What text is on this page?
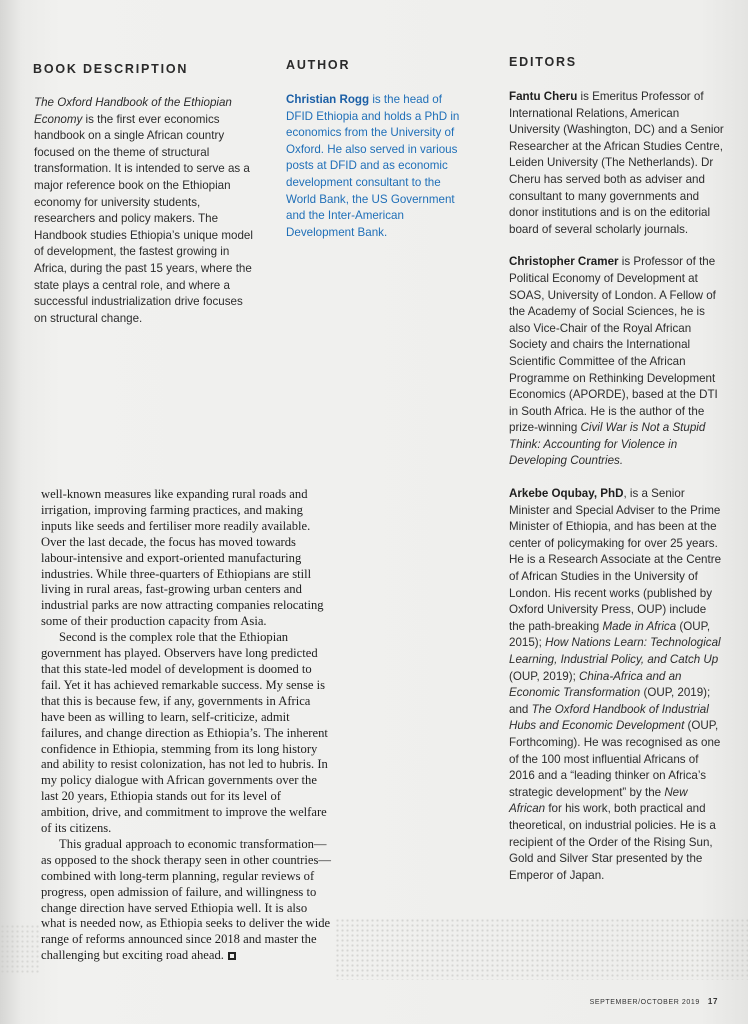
BOOK DESCRIPTION	AUTHOR	EDITORS

The Oxford Handbook of the Ethiopian Economy is the first ever economics handbook on a single African country focused on the theme of structural transformation. It is intended to serve as a major reference book on the Ethiopian economy for university students, researchers and policy makers. The Handbook studies Ethiopia’s unique model of development, the fastest growing in Africa, during the past 15 years, where the state plays a central role, and where a successful industrialization drive focuses on structural change.

Christian Rogg is the head of DFID Ethiopia and holds a PhD in economics from the University of Oxford. He also served in various posts at DFID and as economic development consultant to the World Bank, the US Government and the Inter-American Development Bank.

Fantu Cheru is Emeritus Professor of International Relations, American University (Washington, DC) and a Senior Researcher at the African Studies Centre, Leiden University (The Netherlands). Dr Cheru has served both as adviser and consultant to many governments and donor institutions and is on the editorial board of several scholarly journals.

Christopher Cramer is Professor of the Political Economy of Development at SOAS, University of London. A Fellow of the Academy of Social Sciences, he is also Vice-Chair of the Royal African Society and chairs the International Scientific Committee of the African Programme on Rethinking Development Economics (APORDE), based at the DTI in South Africa. He is the author of the prize-winning Civil War is Not a Stupid Think: Accounting for Violence in Developing Countries.

Arkebe Oqubay, PhD, is a Senior Minister and Special Adviser to the Prime Minister of Ethiopia, and has been at the center of policymaking for over 25 years. He is a Research Associate at the Centre of African Studies in the University of London. His recent works (published by Oxford University Press, OUP) include the path-breaking Made in Africa (OUP, 2015); How Nations Learn: Technological Learning, Industrial Policy, and Catch Up (OUP, 2019); China-Africa and an Economic Transformation (OUP, 2019); and The Oxford Handbook of Industrial Hubs and Economic Development (OUP, Forthcoming). He was recognised as one of the 100 most influential Africans of 2016 and a “leading thinker on Africa’s strategic development” by the New African for his work, both practical and theoretical, on industrial policies. He is a recipient of the Order of the Rising Sun, Gold and Silver Star presented by the Emperor of Japan.

well-known measures like expanding rural roads and irrigation, improving farming practices, and making inputs like seeds and fertiliser more readily available. Over the last decade, the focus has moved towards labour-intensive and export-oriented manufacturing industries. While three-quarters of Ethiopians are still living in rural areas, fast-growing urban centers and industrial parks are now attracting companies relocating some of their production capacity from Asia.

Second is the complex role that the Ethiopian government has played. Observers have long predicted that this state-led model of development is doomed to fail. Yet it has achieved remarkable success. My sense is that this is because few, if any, governments in Africa have been as willing to learn, self-criticize, admit failures, and change direction as Ethiopia’s. The inherent confidence in Ethiopia, stemming from its long history and ability to resist colonization, has not led to hubris. In my policy dialogue with African governments over the last 20 years, Ethiopia stands out for its level of ambition, drive, and commitment to improve the welfare of its citizens.

This gradual approach to economic transformation—as opposed to the shock therapy seen in other countries—combined with long-term planning, regular reviews of progress, open admission of failure, and willingness to change direction have served Ethiopia well. It is also what is needed now, as Ethiopia seeks to deliver the wide range of reforms announced since 2018 and master the challenging but exciting road ahead.

SEPTEMBER/OCTOBER 2019 17
